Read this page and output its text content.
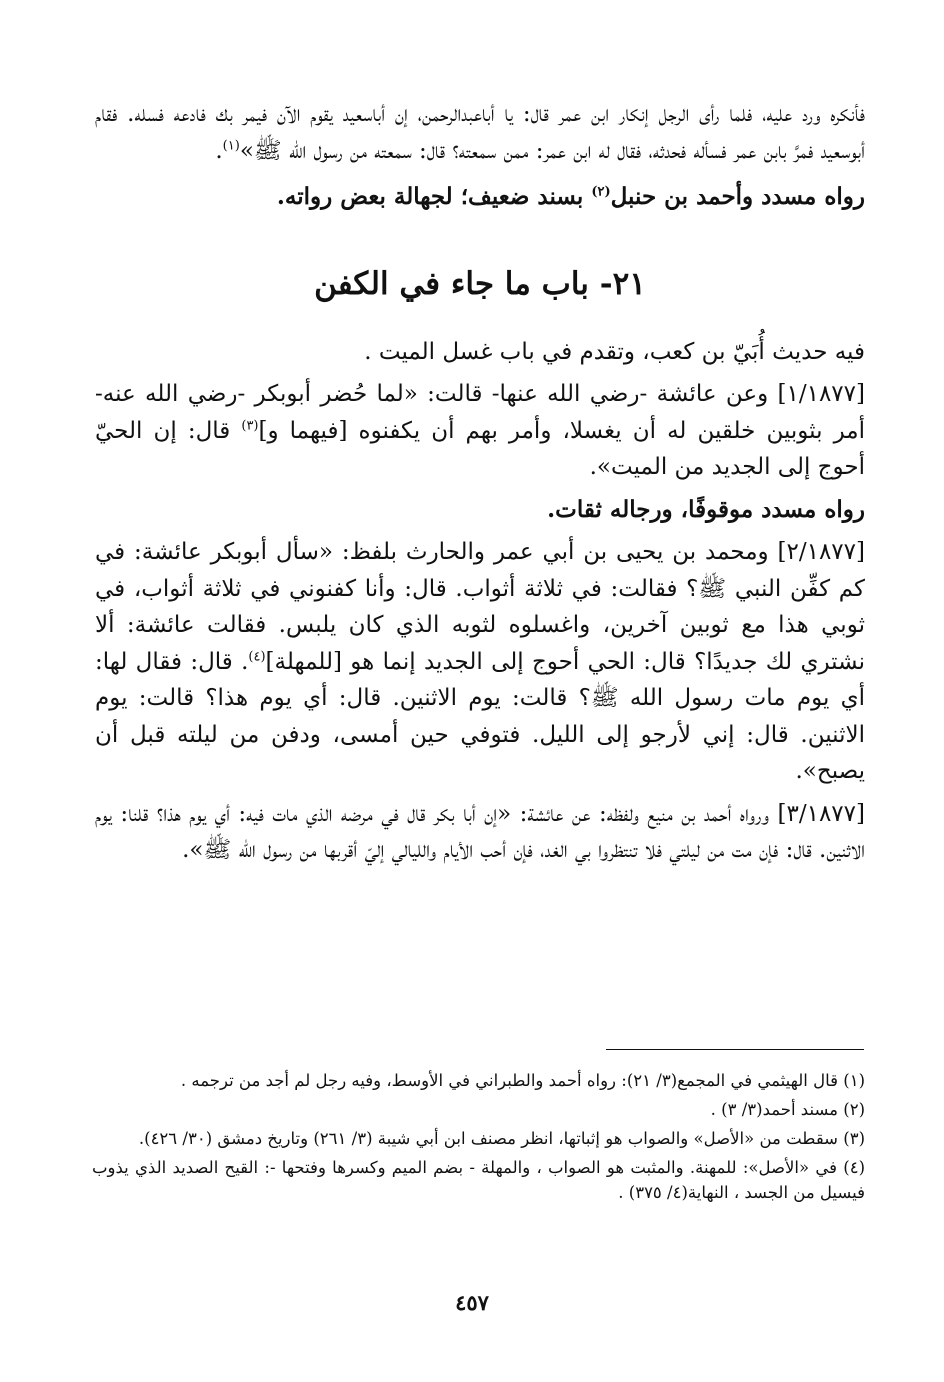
فأنكره ورد عليه، فلما رأى الرجل إنكار ابن عمر قال: يا أباعبدالرحمن، إن أباسعيد يقوم الآن فيمر بك فادعه فسله. فقام أبوسعيد فمرَّ بابن عمر فسأله فحدثه، فقال له ابن عمر: ممن سمعته؟ قال: سمعته من رسول الله ﷺ»$^{(١)}$.

رواه مسدد وأحمد بن حنبل$^{(٢)}$ بسند ضعيف؛ لجهالة بعض رواته.

٢١- باب ما جاء في الكفن

فيه حديث أُبَيّ بن كعب، وتقدم في باب غسل الميت .

[١/١٨٧٧] وعن عائشة -رضي الله عنها- قالت: «لما حُضر أبوبكر -رضي الله عنه- أمر بثوبين خلقين له أن يغسلا، وأمر بهم أن يكفنوه [فيهما و]$^{(٣)}$ قال: إن الحيّ أحوج إلى الجديد من الميت».

رواه مسدد موقوفًا، ورجاله ثقات.

[٢/١٨٧٧] ومحمد بن يحيى بن أبي عمر والحارث بلفظ: «سأل أبوبكر عائشة: في كم كفِّن النبي ﷺ؟ فقالت: في ثلاثة أثواب. قال: وأنا كفنوني في ثلاثة أثواب، في ثوبي هذا مع ثوبين آخرين، واغسلوه لثوبه الذي كان يلبس. فقالت عائشة: ألا نشتري لك جديدًا؟ قال: الحي أحوج إلى الجديد إنما هو [للمهلة]$^{(٤)}$. قال: فقال لها: أي يوم مات رسول الله ﷺ؟ قالت: يوم الاثنين. قال: أي يوم هذا؟ قالت: يوم الاثنين. قال: إني لأرجو إلى الليل. فتوفي حين أمسى، ودفن من ليلته قبل أن يصبح».

[٣/١٨٧٧] ورواه أحمد بن منيع ولفظه: عن عائشة: «إن أبا بكر قال في مرضه الذي مات فيه: أي يوم هذا؟ قلنا: يوم الاثنين. قال: فإن مت من ليلتي فلا تنتظروا بي الغد، فإن أحب الأيام والليالي إليّ أقربها من رسول الله ﷺ».

(١) قال الهيثمي في المجمع(٣/ ٢١): رواه أحمد والطبراني في الأوسط، وفيه رجل لم أجد من ترجمه .

(٢) مسند أحمد(٣/ ٣) .

(٣) سقطت من «الأصل» والصواب هو إثباتها، انظر مصنف ابن أبي شيبة (٣/ ٢٦١) وتاريخ دمشق (٣٠/ ٤٢٦).

(٤) في «الأصل»: للمهنة. والمثبت هو الصواب ، والمهلة - بضم الميم وكسرها وفتحها -: القيح الصديد الذي يذوب فيسيل من الجسد ، النهاية(٤/ ٣٧٥) .

٤٥٧
